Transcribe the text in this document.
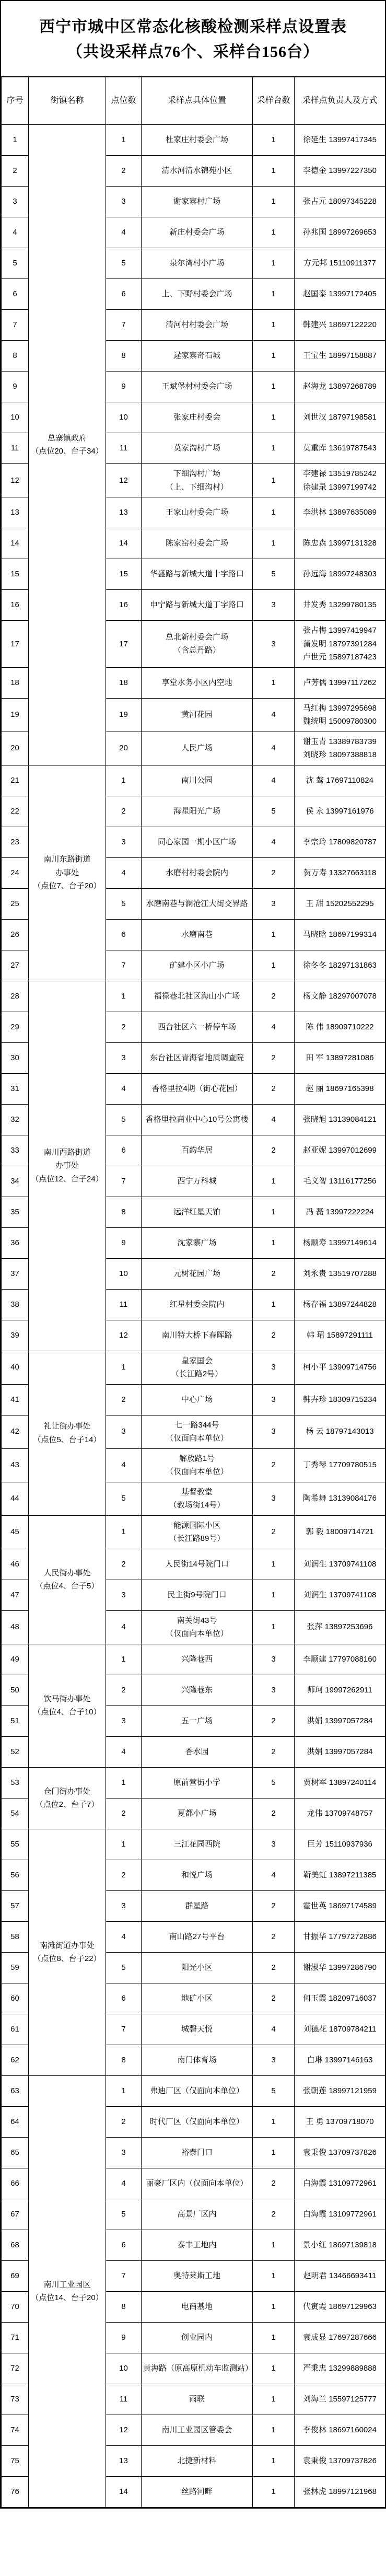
西宁市城中区常态化核酸检测采样点设置表
（共设采样点76个、采样台156台）
序号	街镇名称	点位数	采样点具体位置	采样台数	采样点负责人及方式
1	总寨镇政府
（点位20、台子34）	1	杜家庄村委会广场	1	徐延生 13997417345
2		2	清水河清水锦苑小区	1	李德金 13997227350
3		3	谢家寨村广场	1	张占元 18097345228
4		4	新庄村委会广场	1	孙兆国 18997269653
5		5	泉尔湾村小广场	1	方元邦 15110911377
6		6	上、下野村委会广场	1	赵国泰 13997172405
7		7	清河村村委会广场	1	韩建兴 18697122220
8		8	逯家寨奇石城	1	王宝生 18997158887
9		9	王斌堡村村委会广场	1	赵海龙 13897268789
10		10	张家庄村委会	1	刘世汉 18797198581
11		11	莫家沟村广场	1	莫重库 13619787543
12		12	下细沟村广场
（上、下细沟村）	1	李建禄 13519785242
徐建录 13997199742
13		13	王家山村委会广场	1	李洪林 13897635089
14		14	陈家窑村委会广场	1	陈忠森 13997131328
15		15	华盛路与新城大道十字路口	5	孙远海 18997248303
16		16	申宁路与新城大道丁字路口	3	井发秀 13299780135
17		17	总北新村委会广场
（含总丹路）	3	张占梅 13997419947
蒲发明 18797391284
卢世元 15897187423
18		18	享堂水务小区内空地	1	卢芳儒 13997117262
19		19	黄河花园	4	马红梅 13997295698
魏统明 15009780300
20		20	人民广场	4	谢玉青 13389783739
刘晓珍 18097388818
21	南川东路街道
办事处
（点位7、台子20）	1	南川公园	4	沈 骜 17697110824
22		2	海星阳光广场	5	侯 永 13997161976
23		3	同心家园一期小区广场	4	李宗玲 17809820787
24		4	水磨村村委会院内	2	贺万寿 13327663118
25		5	水磨南巷与澜沧江大街交界路	3	王 甜 15202552295
26		6	水磨南巷	1	马晓晗 18697199314
27		7	矿建小区小广场	1	徐冬冬 18297131863
28	南川西路街道
办事处
（点位12、台子24）	1	福禄巷北社区海山小广场	2	杨文静 18297007078
29		2	西台社区六一桥停车场	4	陈 伟 18909710222
30		3	东台社区青海省地质调查院	2	田 军 13897281086
31		4	香格里拉4期（街心花园）	2	赵 丽 18697165398
32		5	香格里拉商业中心10号公寓楼	4	张晓旭 13139084121
33		6	百韵华居	2	赵亚妮 13997012699
34		7	西宁万科城	1	毛义智 13116177256
35		8	远洋红星天铂	1	冯 磊 13997222224
36		9	沈家寨广场	1	杨顺寿 13997149614
37		10	元树花园广场	2	刘永贵 13519707288
38		11	红星村委会院内	1	杨存福 13897244828
39		12	南川特大桥下春晖路	2	韩 珺 15897291111
40	礼让街办事处
（点位5、台子14）	1	皇家国会
（长江路2号）	3	柯小平 13909714756
41		2	中心广场	3	韩卉珍 18309715234
42		3	七一路344号
（仅面向本单位）	3	杨 云 18797143013
43		4	解放路1号
（仅面向本单位）	2	丁秀琴 17709780515
44		5	基督教堂
（教场街14号）	3	陶希舞 13139084176
45	人民街办事处
（点位4、台子5）	1	能源国际小区
（长江路89号）	2	郭 毅 18009714721
46		2	人民街14号院门口	1	刘润生 13709741108
47		3	民主街9号院门口	1	刘润生 13709741108
48		4	南关街43号
（仅面向本单位）	1	张萍 13897253696
49	饮马街办事处
（点位4、台子10）	1	兴隆巷西	3	李顺建 17797088160
50		2	兴隆巷东	3	师珂 19997262911
51		3	五一广场	2	洪娟 13997057284
52		4	香水园	2	洪娟 13997057284
53	仓门街办事处
（点位2、台子7）	1	原前营街小学	5	贾树军 13897240114
54		2	夏都小广场	2	龙伟 13709748757
55	南滩街道办事处
（点位8、台子22）	1	三江花园西院	3	巨芳 15110937936
56		2	和悦广场	4	靳美虹 13897211385
57		3	群星路	2	霍世英 18697174589
58		4	南山路27号平台	2	甘振华 17797272886
59		5	阳光小区	2	谢淑华 13997286790
60		6	地矿小区	2	何玉霞 18209716037
61		7	城磬天悦	4	刘德花 18709784211
62		8	南门体育场	3	白琳 13997146163
63	南川工业园区
（点位14、台子20）	1	弗迪厂区（仅面向本单位）	5	张朝莲 18997121959
64		2	时代厂区（仅面向本单位）	1	王 勇 13709718070
65		3	裕泰门口	1	袁秉俊 13709737826
66		4	丽豪厂区内（仅面向本单位）	2	白海霞 13109772961
67		5	高景厂区内	2	白海霞 13109772961
68		6	泰丰工地内	1	景小红 18697139818
69		7	奥特莱斯工地	1	赵明君 13466693411
70		8	电商基地	1	代寅霞 18697129963
71		9	创业园内	1	袁成显 17697287666
72		10	黄海路（原高原机动车监测站）	1	严秉忠 13299889888
73		11	雨联	1	刘海兰 15597125777
74		12	南川工业园区管委会	1	李俊林 18697160024
75		13	北捷新材料	1	袁秉俊 13709737826
76		14	丝路河畔	1	张林虎 18997121968
